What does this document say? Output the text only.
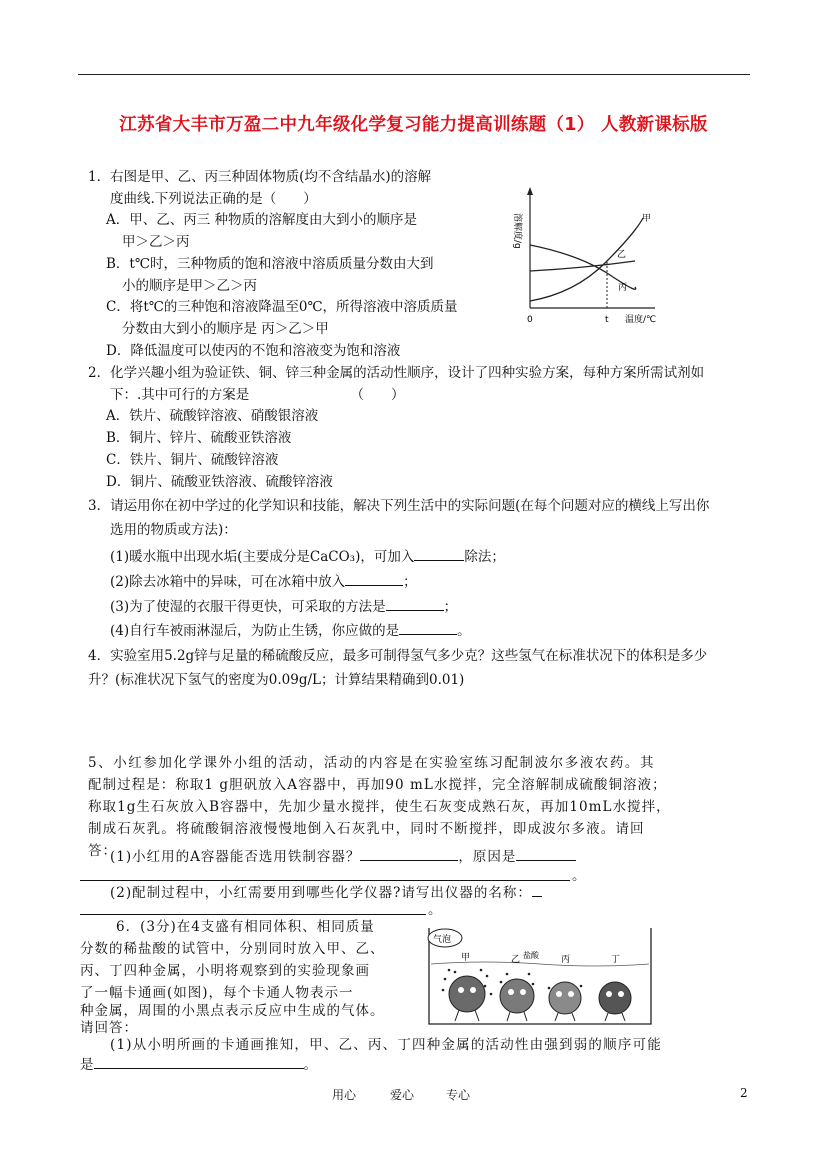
江苏省大丰市万盈二中九年级化学复习能力提高训练题（1） 人教新课标版
1．右图是甲、乙、丙三种固体物质(均不含结晶水)的溶解
度曲线.下列说法正确的是（　　）
A．甲、乙、丙三 种物质的溶解度由大到小的顺序是
甲＞乙＞丙
B．t℃时，三种物质的饱和溶液中溶质质量分数由大到
小的顺序是甲＞乙＞丙
C．将t℃的三种饱和溶液降温至0℃，所得溶液中溶质质量
分数由大到小的顺序是 丙＞乙＞甲
D．降低温度可以使丙的不饱和溶液变为饱和溶液
溶解度/g
0	t 温度/℃
甲
乙
丙
2．化学兴趣小组为验证铁、铜、锌三种金属的活动性顺序，设计了四种实验方案，每种方案所需试剂如
下：.其中可行的方案是　　　　　　　　（　　）
A．铁片、硫酸锌溶液、硝酸银溶液
B．铜片、锌片、硫酸亚铁溶液
C．铁片、铜片、硫酸锌溶液
D．铜片、硫酸亚铁溶液、硫酸锌溶液
3．请运用你在初中学过的化学知识和技能，解决下列生活中的实际问题(在每个问题对应的横线上写出你
选用的物质或方法)：
(1)暖水瓶中出现水垢(主要成分是CaCO₃)，可加入	除法；
(2)除去冰箱中的异味，可在冰箱中放入	；
(3)为了使湿的衣服干得更快，可采取的方法是	；
(4)自行车被雨淋湿后，为防止生锈，你应做的是	。
4．实验室用5.2g锌与足量的稀硫酸反应，最多可制得氢气多少克？这些氢气在标准状况下的体积是多少
升？(标准状况下氢气的密度为0.09g/L；计算结果精确到0.01)
5、小红参加化学课外小组的活动，活动的内容是在实验室练习配制波尔多液农药。其
配制过程是：称取1 g胆矾放入A容器中，再加90 mL水搅拌，完全溶解制成硫酸铜溶液；
称取1g生石灰放入B容器中，先加少量水搅拌，使生石灰变成熟石灰，再加10mL水搅拌，
制成石灰乳。将硫酸铜溶液慢慢地倒入石灰乳中，同时不断搅拌，即成波尔多液。请回
答：
(1)小红用的A容器能否选用铁制容器？	，原因是
。
(2)配制过程中，小红需要用到哪些化学仪器?请写出仪器的名称：
。
6．(3分)在4支盛有相同体积、相同质量
分数的稀盐酸的试管中，分别同时放入甲、乙、
丙、丁四种金属，小明将观察到的实验现象画
了一幅卡通画(如图)，每个卡通人物表示一
种金属，周围的小黑点表示反应中生成的气体。
请回答：
气泡
甲	乙 盐酸 丙	丁
(1)从小明所画的卡通画推知，甲、乙、丙、丁四种金属的活动性由强到弱的顺序可能
是	。
用心	爱心	专心	2
